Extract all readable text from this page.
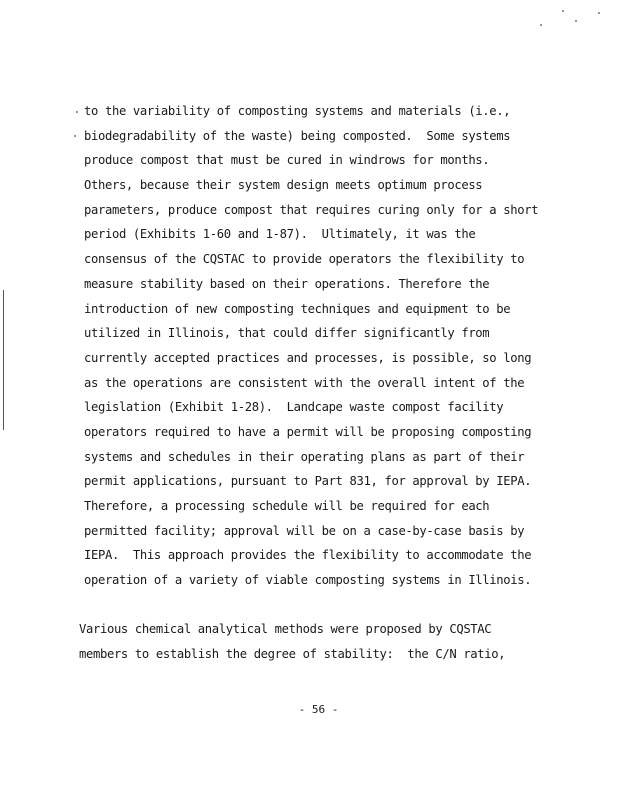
to the variability of composting systems and materials (i.e.,
biodegradability of the waste) being composted.  Some systems
produce compost that must be cured in windrows for months.
Others, because their system design meets optimum process
parameters, produce compost that requires curing only for a short
period (Exhibits 1-60 and 1-87).  Ultimately, it was the
consensus of the CQSTAC to provide operators the flexibility to
measure stability based on their operations. Therefore the
introduction of new composting techniques and equipment to be
utilized in Illinois, that could differ significantly from
currently accepted practices and processes, is possible, so long
as the operations are consistent with the overall intent of the
legislation (Exhibit 1-28).  Landcape waste compost facility
operators required to have a permit will be proposing composting
systems and schedules in their operating plans as part of their
permit applications, pursuant to Part 831, for approval by IEPA.
Therefore, a processing schedule will be required for each
permitted facility; approval will be on a case-by-case basis by
IEPA.  This approach provides the flexibility to accommodate the
operation of a variety of viable composting systems in Illinois.
Various chemical analytical methods were proposed by CQSTAC
members to establish the degree of stability:  the C/N ratio,
- 56 -
